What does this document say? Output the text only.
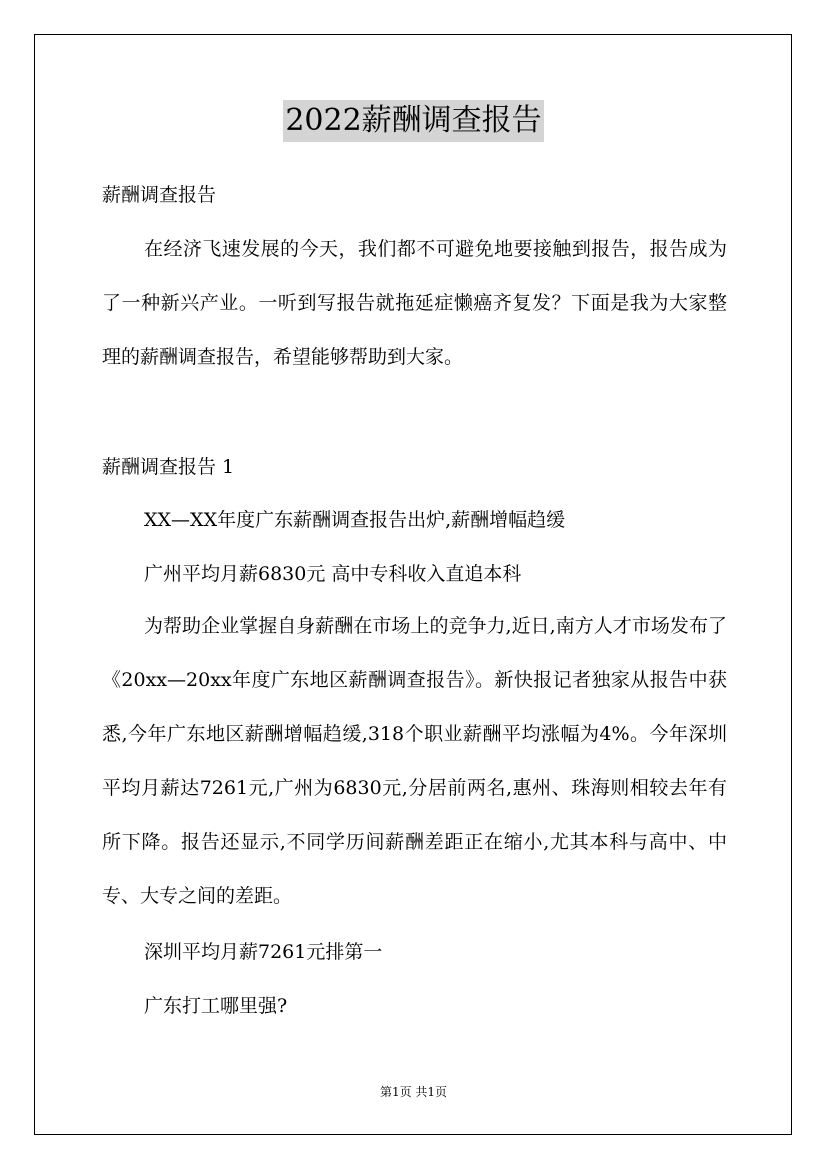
2022薪酬调查报告

薪酬调查报告

在经济飞速发展的今天，我们都不可避免地要接触到报告，报告成为了一种新兴产业。一听到写报告就拖延症懒癌齐复发？下面是我为大家整理的薪酬调查报告，希望能够帮助到大家。

薪酬调查报告 1

XX—XX年度广东薪酬调查报告出炉,薪酬增幅趋缓

广州平均月薪6830元 高中专科收入直追本科

为帮助企业掌握自身薪酬在市场上的竞争力,近日,南方人才市场发布了《20xx—20xx年度广东地区薪酬调查报告》。新快报记者独家从报告中获悉,今年广东地区薪酬增幅趋缓,318个职业薪酬平均涨幅为4%。今年深圳平均月薪达7261元,广州为6830元,分居前两名,惠州、珠海则相较去年有所下降。报告还显示,不同学历间薪酬差距正在缩小,尤其本科与高中、中专、大专之间的差距。

深圳平均月薪7261元排第一

广东打工哪里强?

第1页 共1页
